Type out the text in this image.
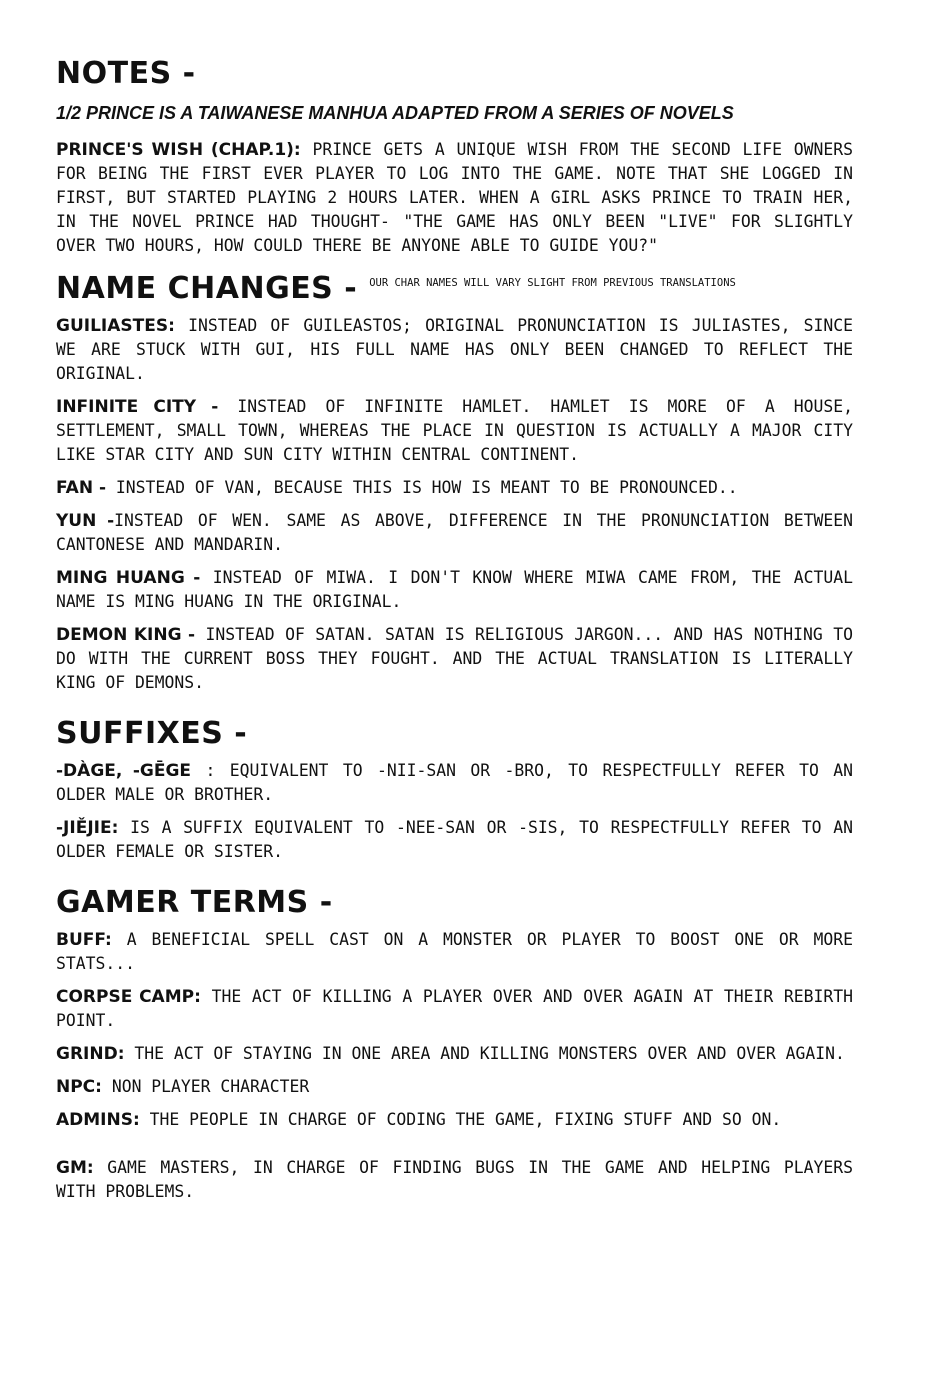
NOTES -

1/2 PRINCE IS A TAIWANESE MANHUA ADAPTED FROM A SERIES OF NOVELS

PRINCE'S WISH (CHAP.1): PRINCE GETS A UNIQUE WISH FROM THE SECOND LIFE OWNERS FOR BEING THE FIRST EVER PLAYER TO LOG INTO THE GAME. NOTE THAT SHE LOGGED IN FIRST, BUT STARTED PLAYING 2 HOURS LATER. WHEN A GIRL ASKS PRINCE TO TRAIN HER, IN THE NOVEL PRINCE HAD THOUGHT- "THE GAME HAS ONLY BEEN "LIVE" FOR SLIGHTLY OVER TWO HOURS, HOW COULD THERE BE ANYONE ABLE TO GUIDE YOU?"

NAME CHANGES - OUR CHAR NAMES WILL VARY SLIGHT FROM PREVIOUS TRANSLATIONS

GUILIASTES: INSTEAD OF GUILEASTOS; ORIGINAL PRONUNCIATION IS JULIASTES, SINCE WE ARE STUCK WITH GUI, HIS FULL NAME HAS ONLY BEEN CHANGED TO REFLECT THE ORIGINAL.

INFINITE CITY - INSTEAD OF INFINITE HAMLET. HAMLET IS MORE OF A HOUSE, SETTLEMENT, SMALL TOWN, WHEREAS THE PLACE IN QUESTION IS ACTUALLY A MAJOR CITY LIKE STAR CITY AND SUN CITY WITHIN CENTRAL CONTINENT.

FAN - INSTEAD OF VAN, BECAUSE THIS IS HOW IS MEANT TO BE PRONOUNCED..

YUN -INSTEAD OF WEN. SAME AS ABOVE, DIFFERENCE IN THE PRONUNCIATION BETWEEN CANTONESE AND MANDARIN.

MING HUANG - INSTEAD OF MIWA. I DON'T KNOW WHERE MIWA CAME FROM, THE ACTUAL NAME IS MING HUANG IN THE ORIGINAL.

DEMON KING - INSTEAD OF SATAN. SATAN IS RELIGIOUS JARGON... AND HAS NOTHING TO DO WITH THE CURRENT BOSS THEY FOUGHT. AND THE ACTUAL TRANSLATION IS LITERALLY KING OF DEMONS.

SUFFIXES -

-DÀGE, -GĒGE : EQUIVALENT TO -NII-SAN OR -BRO, TO RESPECTFULLY REFER TO AN OLDER MALE OR BROTHER.

-JIĚJIE: IS A SUFFIX EQUIVALENT TO -NEE-SAN OR -SIS, TO RESPECTFULLY REFER TO AN OLDER FEMALE OR SISTER.

GAMER TERMS -

BUFF: A BENEFICIAL SPELL CAST ON A MONSTER OR PLAYER TO BOOST ONE OR MORE STATS...

CORPSE CAMP: THE ACT OF KILLING A PLAYER OVER AND OVER AGAIN AT THEIR REBIRTH POINT.

GRIND: THE ACT OF STAYING IN ONE AREA AND KILLING MONSTERS OVER AND OVER AGAIN.

NPC: NON PLAYER CHARACTER

ADMINS: THE PEOPLE IN CHARGE OF CODING THE GAME, FIXING STUFF AND SO ON.

GM: GAME MASTERS, IN CHARGE OF FINDING BUGS IN THE GAME AND HELPING PLAYERS WITH PROBLEMS.
